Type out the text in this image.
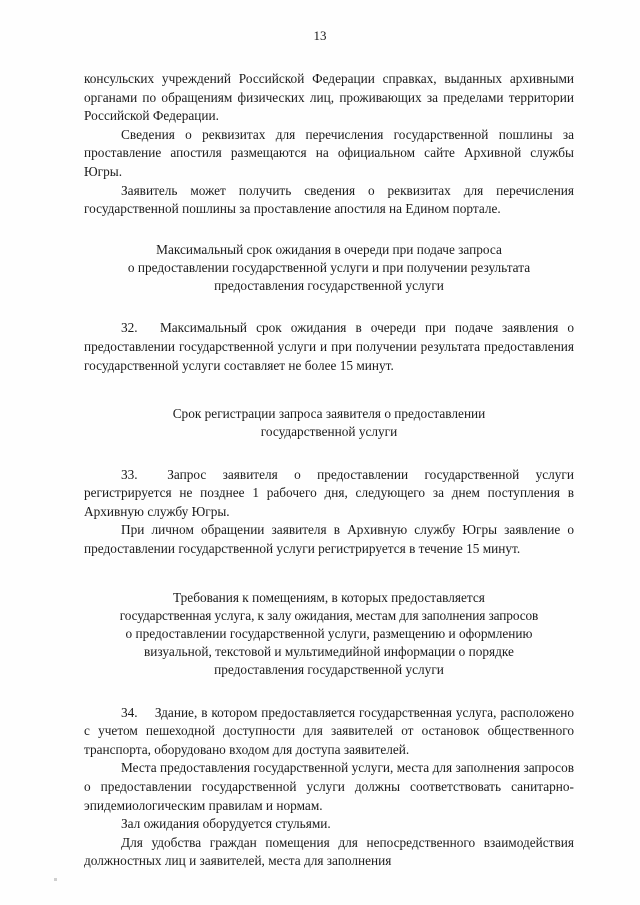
13

консульских учреждений Российской Федерации справках, выданных архивными органами по обращениям физических лиц, проживающих за пределами территории Российской Федерации.

Сведения о реквизитах для перечисления государственной пошлины за проставление апостиля размещаются на официальном сайте Архивной службы Югры.

Заявитель может получить сведения о реквизитах для перечисления государственной пошлины за проставление апостиля на Едином портале.

Максимальный срок ожидания в очереди при подаче запроса
о предоставлении государственной услуги и при получении результата
предоставления государственной услуги

32.  Максимальный срок ожидания в очереди при подаче заявления о предоставлении государственной услуги и при получении результата предоставления государственной услуги составляет не более 15 минут.

Срок регистрации запроса заявителя о предоставлении
государственной услуги

33.  Запрос заявителя о предоставлении государственной услуги регистрируется не позднее 1 рабочего дня, следующего за днем поступления в Архивную службу Югры.

При личном обращении заявителя в Архивную службу Югры заявление о предоставлении государственной услуги регистрируется в течение 15 минут.

Требования к помещениям, в которых предоставляется
государственная услуга, к залу ожидания, местам для заполнения запросов
о предоставлении государственной услуги, размещению и оформлению
визуальной, текстовой и мультимедийной информации о порядке
предоставления государственной услуги

34.  Здание, в котором предоставляется государственная услуга, расположено с учетом пешеходной доступности для заявителей от остановок общественного транспорта, оборудовано входом для доступа заявителей.

Места предоставления государственной услуги, места для заполнения запросов о предоставлении государственной услуги должны соответствовать санитарно-эпидемиологическим правилам и нормам.

Зал ожидания оборудуется стульями.

Для удобства граждан помещения для непосредственного взаимодействия должностных лиц и заявителей, места для заполнения
